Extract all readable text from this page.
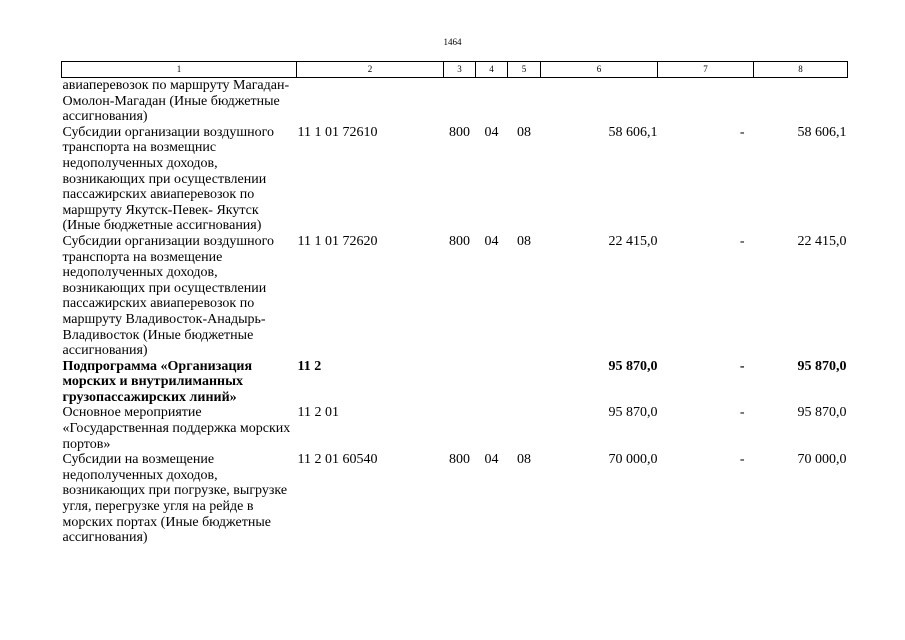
1464
1	2	3	4	5	6	7	8
авиаперевозок по маршруту Магадан-Омолон-Магадан (Иные бюджетные ассигнования)							
Субсидии организации воздушного транспорта на возмещнис недополученных доходов, возникающих при осуществлении пассажирских авиаперевозок по маршруту Якутск-Певек- Якутск (Иные бюджетные ассигнования)	11 1 01 72610	800	04	08	58 606,1	-	58 606,1
Субсидии организации воздушного транспорта на возмещение недополученных доходов, возникающих при осуществлении пассажирских авиаперевозок по маршруту Владивосток-Анадырь-Владивосток (Иные бюджетные ассигнования)	11 1 01 72620	800	04	08	22 415,0	-	22 415,0
Подпрограмма «Организация морских и внутрилиманных грузопассажирских линий»	11 2				95 870,0	-	95 870,0
Основное мероприятие «Государственная поддержка морских портов»	11 2 01				95 870,0	-	95 870,0
Субсидии на возмещение недополученных доходов, возникающих при погрузке, выгрузке угля, перегрузке угля на рейде в морских портах (Иные бюджетные ассигнования)	11 2 01 60540	800	04	08	70 000,0	-	70 000,0
